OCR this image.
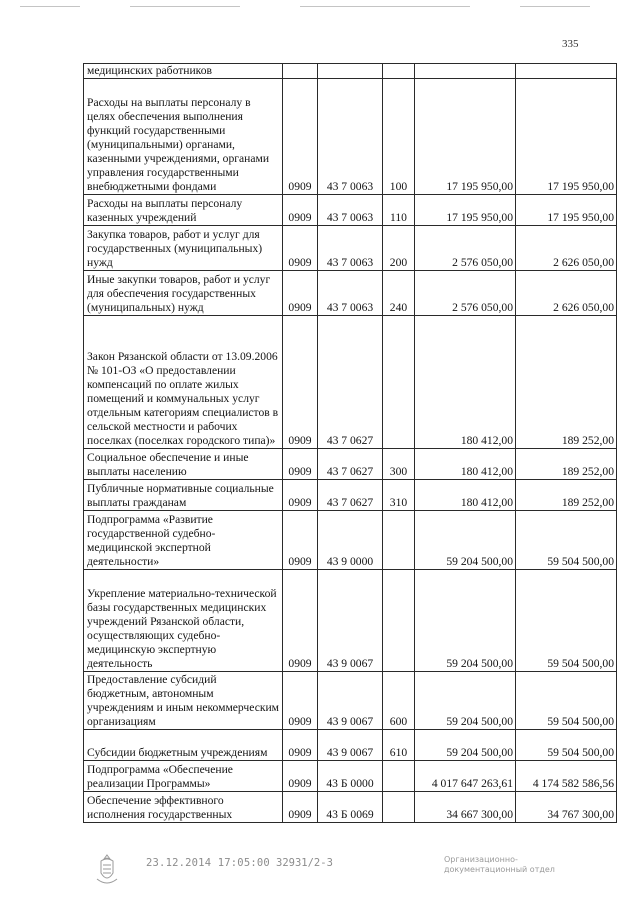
335
медицинских работников					
Расходы на выплаты персоналу в целях обеспечения выполнения функций государственными (муниципальными) органами, казенными учреждениями, органами управления государственными внебюджетными фондами	0909	43 7 0063	100	17 195 950,00	17 195 950,00
Расходы на выплаты персоналу казенных учреждений	0909	43 7 0063	110	17 195 950,00	17 195 950,00
Закупка товаров, работ и услуг для государственных (муниципальных) нужд	0909	43 7 0063	200	2 576 050,00	2 626 050,00
Иные закупки товаров, работ и услуг для обеспечения государственных (муниципальных) нужд	0909	43 7 0063	240	2 576 050,00	2 626 050,00
Закон Рязанской области от 13.09.2006 № 101-ОЗ «О предоставлении компенсаций по оплате жилых помещений и коммунальных услуг отдельным категориям специалистов в сельской местности и рабочих поселках (поселках городского типа)»	0909	43 7 0627		180 412,00	189 252,00
Социальное обеспечение и иные выплаты населению	0909	43 7 0627	300	180 412,00	189 252,00
Публичные нормативные социальные выплаты гражданам	0909	43 7 0627	310	180 412,00	189 252,00
Подпрограмма «Развитие государственной судебно-медицинской экспертной деятельности»	0909	43 9 0000		59 204 500,00	59 504 500,00
Укрепление материально-технической базы государственных медицинских учреждений Рязанской области, осуществляющих судебно-медицинскую экспертную деятельность	0909	43 9 0067		59 204 500,00	59 504 500,00
Предоставление субсидий бюджетным, автономным учреждениям и иным некоммерческим организациям	0909	43 9 0067	600	59 204 500,00	59 504 500,00
Субсидии бюджетным учреждениям	0909	43 9 0067	610	59 204 500,00	59 504 500,00
Подпрограмма «Обеспечение реализации Программы»	0909	43 Б 0000		4 017 647 263,61	4 174 582 586,56
Обеспечение эффективного исполнения государственных	0909	43 Б 0069		34 667 300,00	34 767 300,00
23.12.2014 17:05:00 32931/2-3	Организационно-документационный отдел
